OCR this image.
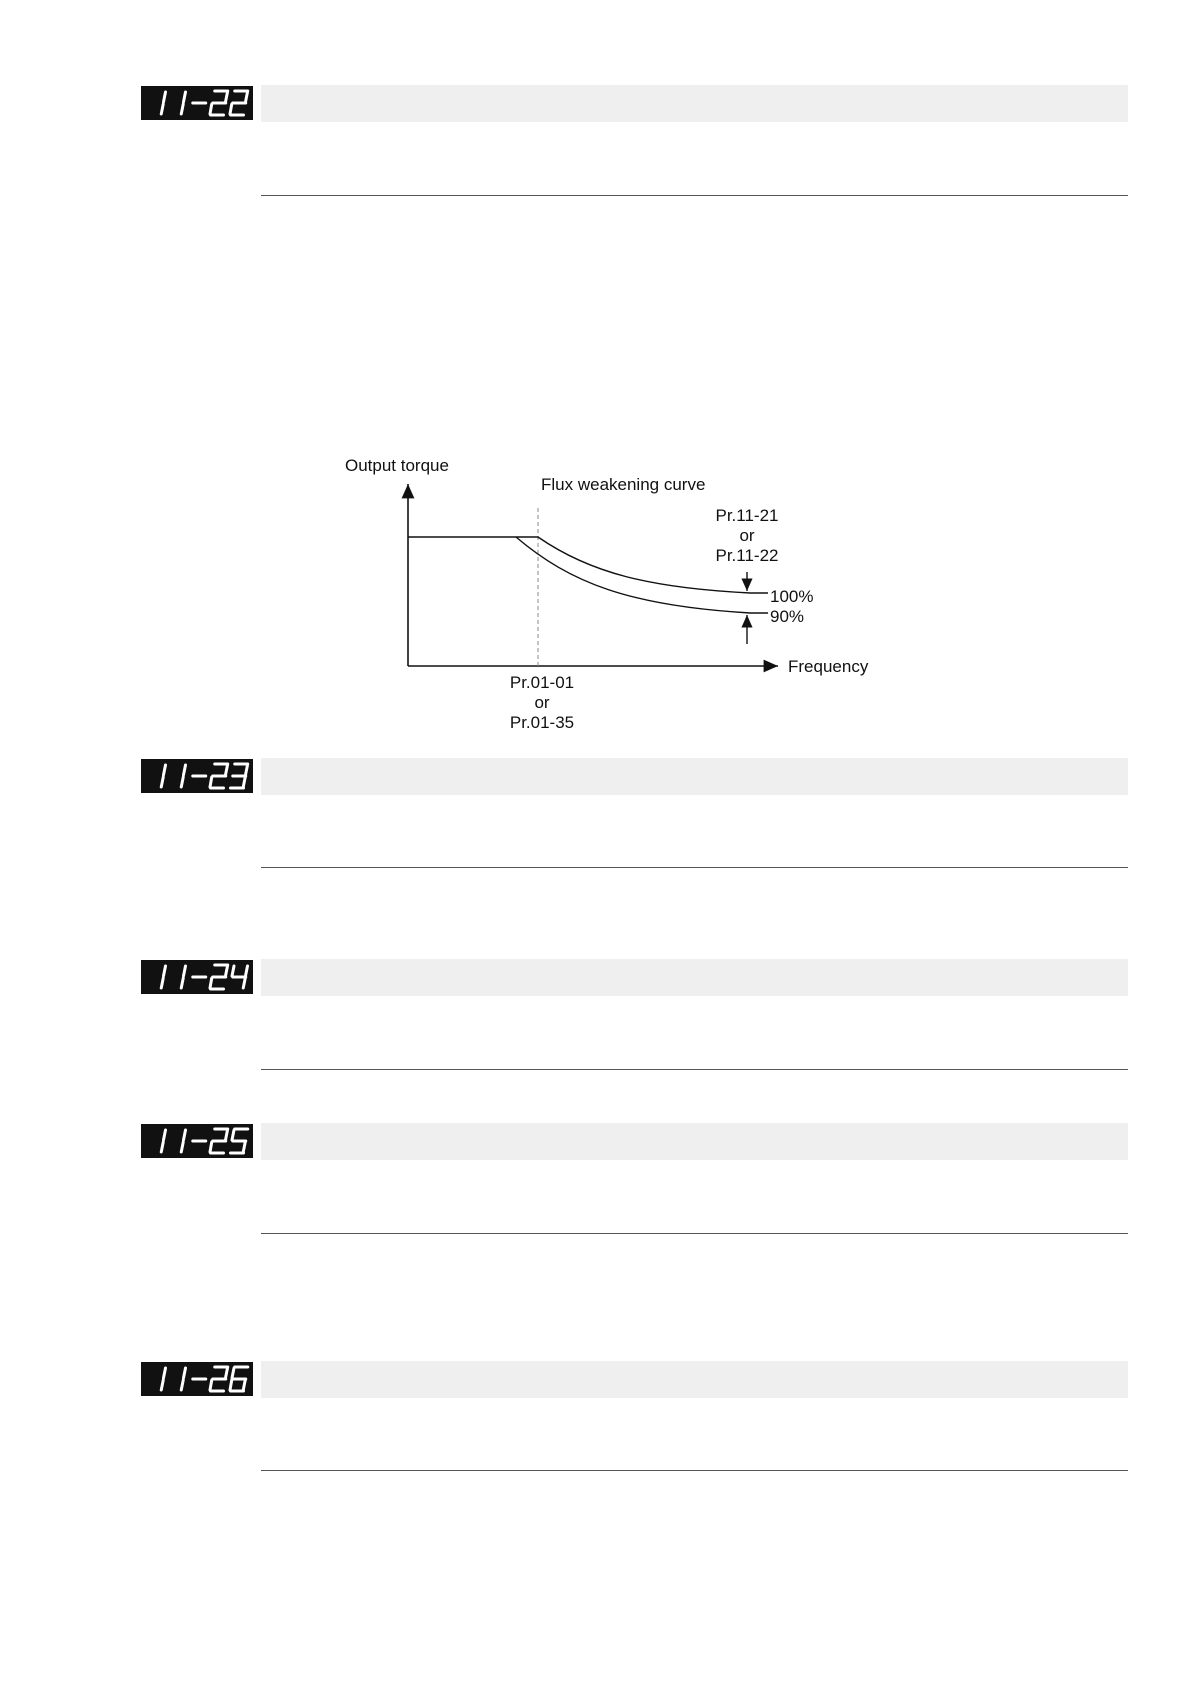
Output torque
Flux weakening curve
Pr.11-21
or
Pr.11-22
100%
90%
Frequency
Pr.01-01
or
Pr.01-35
